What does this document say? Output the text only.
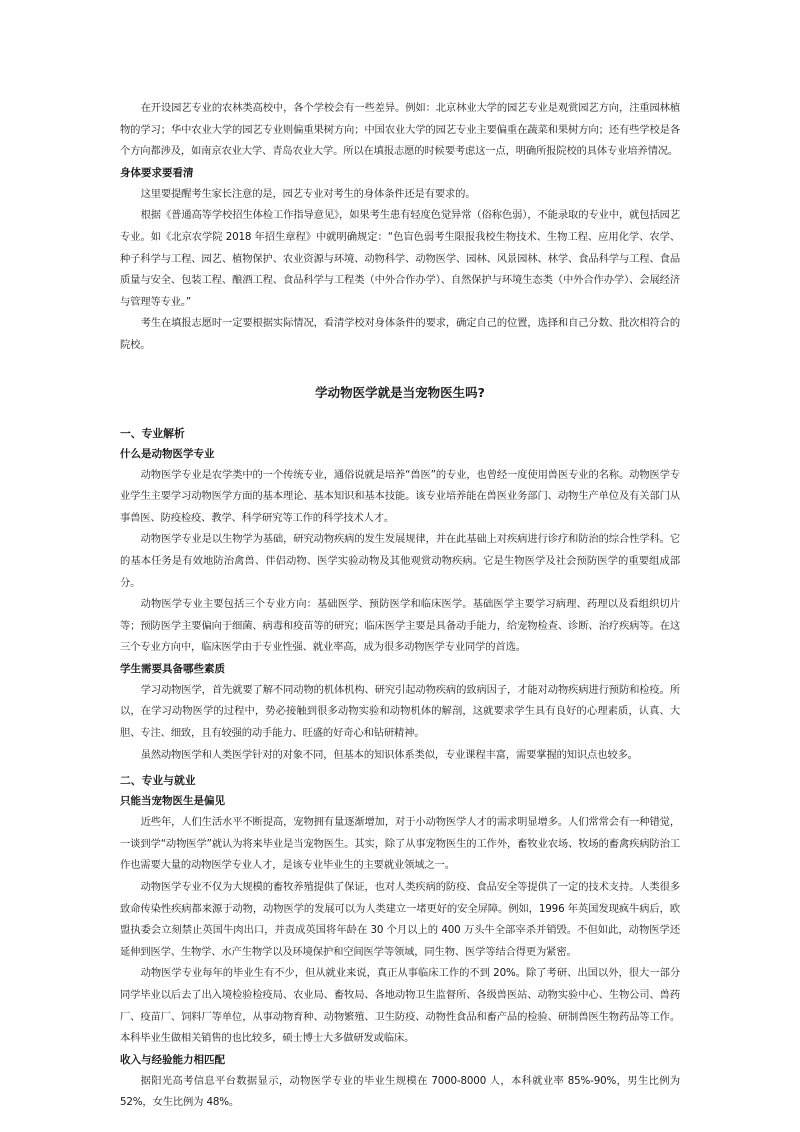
在开设园艺专业的农林类高校中，各个学校会有一些差异。例如：北京林业大学的园艺专业是观赏园艺方向，注重园林植物的学习；华中农业大学的园艺专业则偏重果树方向；中国农业大学的园艺专业主要偏重在蔬菜和果树方向；还有些学校是各个方向都涉及，如南京农业大学、青岛农业大学。所以在填报志愿的时候要考虑这一点，明确所报院校的具体专业培养情况。

身体要求要看清

这里要提醒考生家长注意的是，园艺专业对考生的身体条件还是有要求的。

根据《普通高等学校招生体检工作指导意见》，如果考生患有轻度色觉异常（俗称色弱），不能录取的专业中，就包括园艺专业。如《北京农学院 2018 年招生章程》中就明确规定：“色盲色弱考生限报我校生物技术、生物工程、应用化学、农学、种子科学与工程、园艺、植物保护、农业资源与环境、动物科学、动物医学、园林、风景园林、林学、食品科学与工程、食品质量与安全、包装工程、酿酒工程、食品科学与工程类（中外合作办学）、自然保护与环境生态类（中外合作办学）、会展经济与管理等专业。”

考生在填报志愿时一定要根据实际情况，看清学校对身体条件的要求，确定自己的位置，选择和自己分数、批次相符合的院校。

学动物医学就是当宠物医生吗?
一、专业解析
什么是动物医学专业

动物医学专业是农学类中的一个传统专业，通俗说就是培养“兽医”的专业，也曾经一度使用兽医专业的名称。动物医学专业学生主要学习动物医学方面的基本理论、基本知识和基本技能。该专业培养能在兽医业务部门、动物生产单位及有关部门从事兽医、防疫检疫、教学、科学研究等工作的科学技术人才。

动物医学专业是以生物学为基础，研究动物疾病的发生发展规律，并在此基础上对疾病进行诊疗和防治的综合性学科。它的基本任务是有效地防治禽兽、伴侣动物、医学实验动物及其他观赏动物疾病。它是生物医学及社会预防医学的重要组成部分。

动物医学专业主要包括三个专业方向：基础医学、预防医学和临床医学。基础医学主要学习病理、药理以及看组织切片等；预防医学主要偏向于细菌、病毒和疫苗等的研究；临床医学主要是具备动手能力，给宠物检查、诊断、治疗疾病等。在这三个专业方向中，临床医学由于专业性强、就业率高，成为很多动物医学专业同学的首选。

学生需要具备哪些素质

学习动物医学，首先就要了解不同动物的机体机构、研究引起动物疾病的致病因子，才能对动物疾病进行预防和检疫。所以，在学习动物医学的过程中，势必接触到很多动物实验和动物机体的解剖，这就要求学生具有良好的心理素质，认真、大胆、专注、细致，且有较强的动手能力、旺盛的好奇心和钻研精神。

虽然动物医学和人类医学针对的对象不同，但基本的知识体系类似，专业课程丰富，需要掌握的知识点也较多。

二、专业与就业
只能当宠物医生是偏见

近些年，人们生活水平不断提高，宠物拥有量逐渐增加，对于小动物医学人才的需求明显增多。人们常常会有一种错觉，一谈到学“动物医学”就认为将来毕业是当宠物医生。其实，除了从事宠物医生的工作外，畜牧业农场、牧场的畜禽疾病防治工作也需要大量的动物医学专业人才，是该专业毕业生的主要就业领域之一。

动物医学专业不仅为大规模的畜牧养殖提供了保证，也对人类疾病的防疫、食品安全等提供了一定的技术支持。人类很多致命传染性疾病都来源于动物，动物医学的发展可以为人类建立一堵更好的安全屏障。例如，1996 年英国发现疯牛病后，欧盟执委会立刻禁止英国牛肉出口，并责成英国将年龄在 30 个月以上的 400 万头牛全部宰杀并销毁。不但如此，动物医学还延伸到医学、生物学、水产生物学以及环境保护和空间医学等领域，同生物、医学等结合得更为紧密。

动物医学专业每年的毕业生有不少，但从就业来说，真正从事临床工作的不到 20%。除了考研、出国以外，很大一部分同学毕业以后去了出入境检验检疫局、农业局、畜牧局、各地动物卫生监督所、各级兽医站、动物实验中心、生物公司、兽药厂、疫苗厂、饲料厂等单位，从事动物育种、动物繁殖、卫生防疫、动物性食品和畜产品的检验、研制兽医生物药品等工作。本科毕业生做相关销售的也比较多，硕士博士大多做研发或临床。

收入与经验能力相匹配

据阳光高考信息平台数据显示，动物医学专业的毕业生规模在 7000-8000 人，本科就业率 85%-90%，男生比例为 52%，女生比例为 48%。
